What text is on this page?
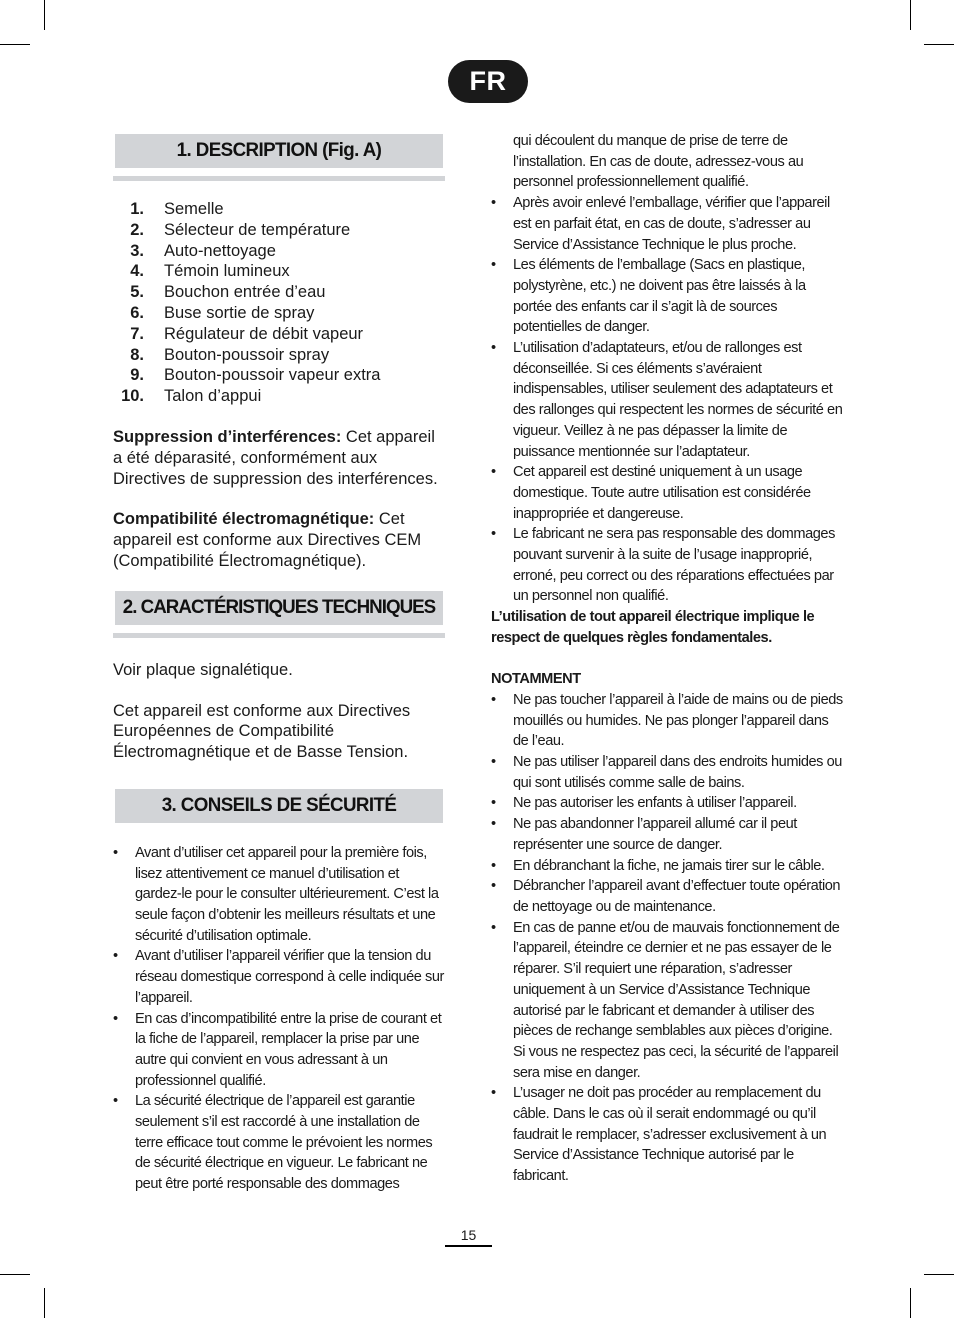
FR
1. DESCRIPTION (Fig. A)
1. Semelle
2. Sélecteur de température
3. Auto-nettoyage
4. Témoin lumineux
5. Bouchon entrée d’eau
6. Buse sortie de spray
7. Régulateur de débit vapeur
8. Bouton-poussoir spray
9. Bouton-poussoir vapeur extra
10. Talon d’appui

Suppression d’interférences: Cet appareil a été déparasité, conformément aux Directives de suppression des interférences.

Compatibilité électromagnétique: Cet appareil est conforme aux Directives CEM (Compatibilité Électromagnétique).

2. CARACTÉRISTIQUES TECHNIQUES

Voir plaque signalétique.

Cet appareil est conforme aux Directives Européennes de Compatibilité Électromagnétique et de Basse Tension.

3. CONSEILS DE SÉCURITÉ
• Avant d’utiliser cet appareil pour la première fois, lisez attentivement ce manuel d’utilisation et gardez-le pour le consulter ultérieurement. C’est la seule façon d’obtenir les meilleurs résultats et une sécurité d’utilisation optimale.
• Avant d’utiliser l’appareil vérifier que la tension du réseau domestique correspond à celle indiquée sur l’appareil.
• En cas d’incompatibilité entre la prise de courant et la fiche de l’appareil, remplacer la prise par une autre qui convient en vous adressant à un professionnel qualifié.
• La sécurité électrique de l’appareil est garantie seulement s’il est raccordé à une installation de terre efficace tout comme le prévoient les normes de sécurité électrique en vigueur. Le fabricant ne peut être porté responsable des dommages

qui découlent du manque de prise de terre de l’installation. En cas de doute, adressez-vous au personnel professionnellement qualifié.

• Après avoir enlevé l’emballage, vérifier que l’appareil est en parfait état, en cas de doute, s’adresser au Service d’Assistance Technique le plus proche.
• Les éléments de l’emballage (Sacs en plastique, polystyrène, etc.) ne doivent pas être laissés à la portée des enfants car il s’agit là de sources potentielles de danger.
• L’utilisation d’adaptateurs, et/ou de rallonges est déconseillée. Si ces éléments s’avéraient indispensables, utiliser seulement des adaptateurs et des rallonges qui respectent les normes de sécurité en vigueur. Veillez à ne pas dépasser la limite de puissance mentionnée sur l’adaptateur.
• Cet appareil est destiné uniquement à un usage domestique. Toute autre utilisation est considérée inappropriée et dangereuse.
• Le fabricant ne sera pas responsable des dommages pouvant survenir à la suite de l’usage inapproprié, erroné, peu correct ou des réparations effectuées par un personnel non qualifié.

L’utilisation de tout appareil électrique implique le respect de quelques règles fondamentales.

NOTAMMENT

• Ne pas toucher l’appareil à l’aide de mains ou de pieds mouillés ou humides. Ne pas plonger l’appareil dans de l’eau.
• Ne pas utiliser l’appareil dans des endroits humides ou qui sont utilisés comme salle de bains.
• Ne pas autoriser les enfants à utiliser l’appareil.
• Ne pas abandonner l’appareil allumé car il peut représenter une source de danger.
• En débranchant la fiche, ne jamais tirer sur le câble.
• Débrancher l’appareil avant d’effectuer toute opération de nettoyage ou de maintenance.
• En cas de panne et/ou de mauvais fonctionnement de l’appareil, éteindre ce dernier et ne pas essayer de le réparer. S’il requiert une réparation, s’adresser uniquement à un Service d’Assistance Technique autorisé par le fabricant et demander à utiliser des pièces de rechange semblables aux pièces d’origine. Si vous ne respectez pas ceci, la sécurité de l’appareil sera mise en danger.
• L’usager ne doit pas procéder au remplacement du câble. Dans le cas où il serait endommagé ou qu’il faudrait le remplacer, s’adresser exclusivement à un Service d’Assistance Technique autorisé par le fabricant.
15
